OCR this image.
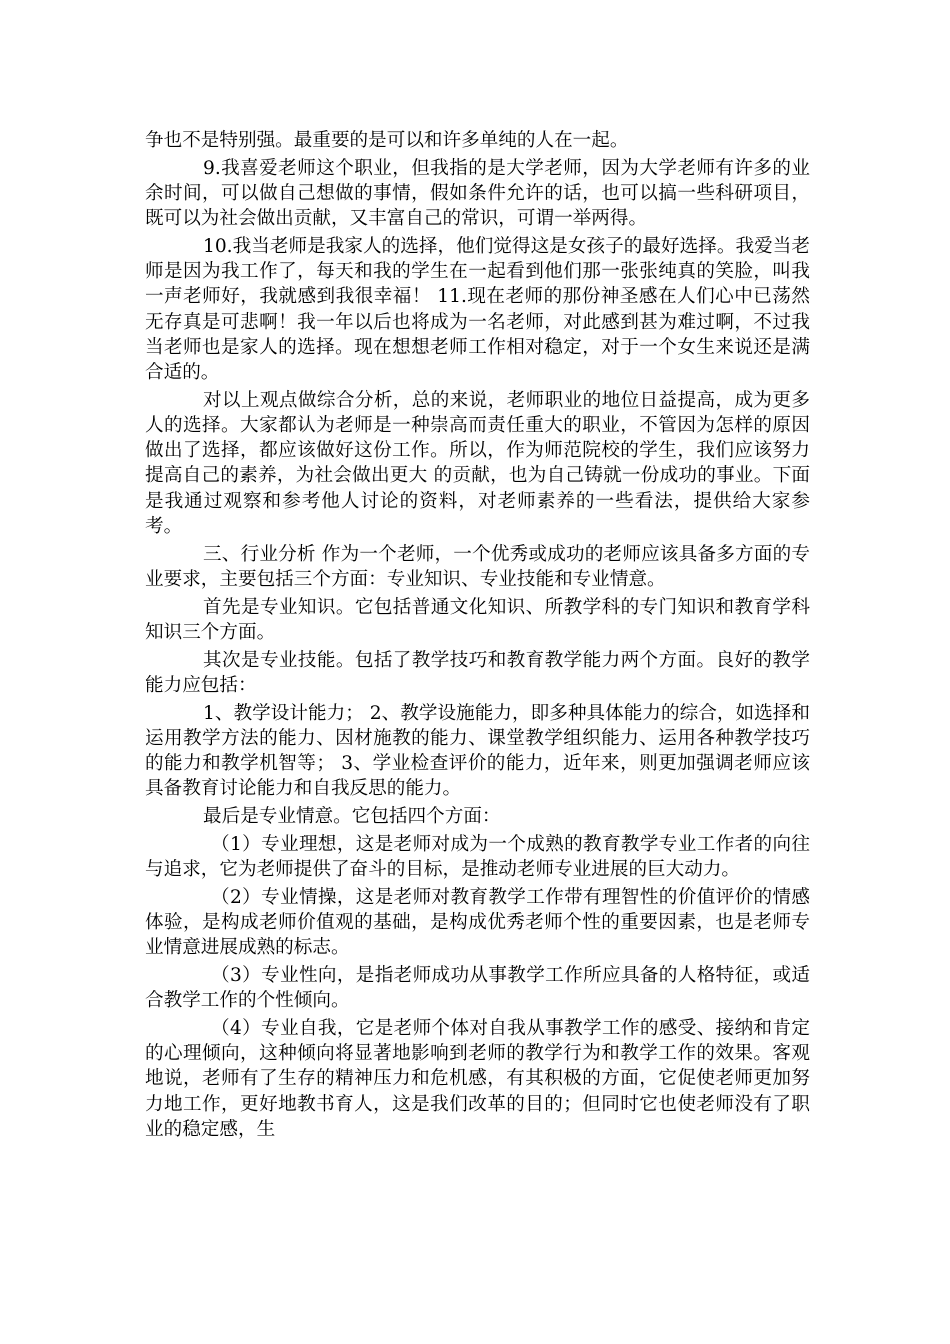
争也不是特别强。最重要的是可以和许多单纯的人在一起。

9.我喜爱老师这个职业，但我指的是大学老师，因为大学老师有许多的业余时间，可以做自己想做的事情，假如条件允许的话，也可以搞一些科研项目，既可以为社会做出贡献，又丰富自己的常识，可谓一举两得。

10.我当老师是我家人的选择，他们觉得这是女孩子的最好选择。我爱当老师是因为我工作了，每天和我的学生在一起看到他们那一张张纯真的笑脸，叫我一声老师好，我就感到我很幸福！ 11.现在老师的那份神圣感在人们心中已荡然无存真是可悲啊！我一年以后也将成为一名老师，对此感到甚为难过啊，不过我当老师也是家人的选择。现在想想老师工作相对稳定，对于一个女生来说还是满合适的。

对以上观点做综合分析，总的来说，老师职业的地位日益提高，成为更多人的选择。大家都认为老师是一种崇高而责任重大的职业，不管因为怎样的原因做出了选择，都应该做好这份工作。所以，作为师范院校的学生，我们应该努力提高自己的素养，为社会做出更大 的贡献，也为自己铸就一份成功的事业。下面是我通过观察和参考他人讨论的资料，对老师素养的一些看法，提供给大家参考。

三、行业分析 作为一个老师，一个优秀或成功的老师应该具备多方面的专业要求，主要包括三个方面：专业知识、专业技能和专业情意。

首先是专业知识。它包括普通文化知识、所教学科的专门知识和教育学科知识三个方面。

其次是专业技能。包括了教学技巧和教育教学能力两个方面。良好的教学能力应包括：

1、教学设计能力； 2、教学设施能力，即多种具体能力的综合，如选择和运用教学方法的能力、因材施教的能力、课堂教学组织能力、运用各种教学技巧的能力和教学机智等； 3、学业检查评价的能力，近年来，则更加强调老师应该具备教育讨论能力和自我反思的能力。

最后是专业情意。它包括四个方面：

（1）专业理想，这是老师对成为一个成熟的教育教学专业工作者的向往与追求，它为老师提供了奋斗的目标，是推动老师专业进展的巨大动力。

（2）专业情操，这是老师对教育教学工作带有理智性的价值评价的情感体验，是构成老师价值观的基础，是构成优秀老师个性的重要因素，也是老师专业情意进展成熟的标志。

（3）专业性向，是指老师成功从事教学工作所应具备的人格特征，或适合教学工作的个性倾向。

（4）专业自我，它是老师个体对自我从事教学工作的感受、接纳和肯定的心理倾向，这种倾向将显著地影响到老师的教学行为和教学工作的效果。客观地说，老师有了生存的精神压力和危机感，有其积极的方面，它促使老师更加努力地工作，更好地教书育人，这是我们改革的目的；但同时它也使老师没有了职业的稳定感，生
